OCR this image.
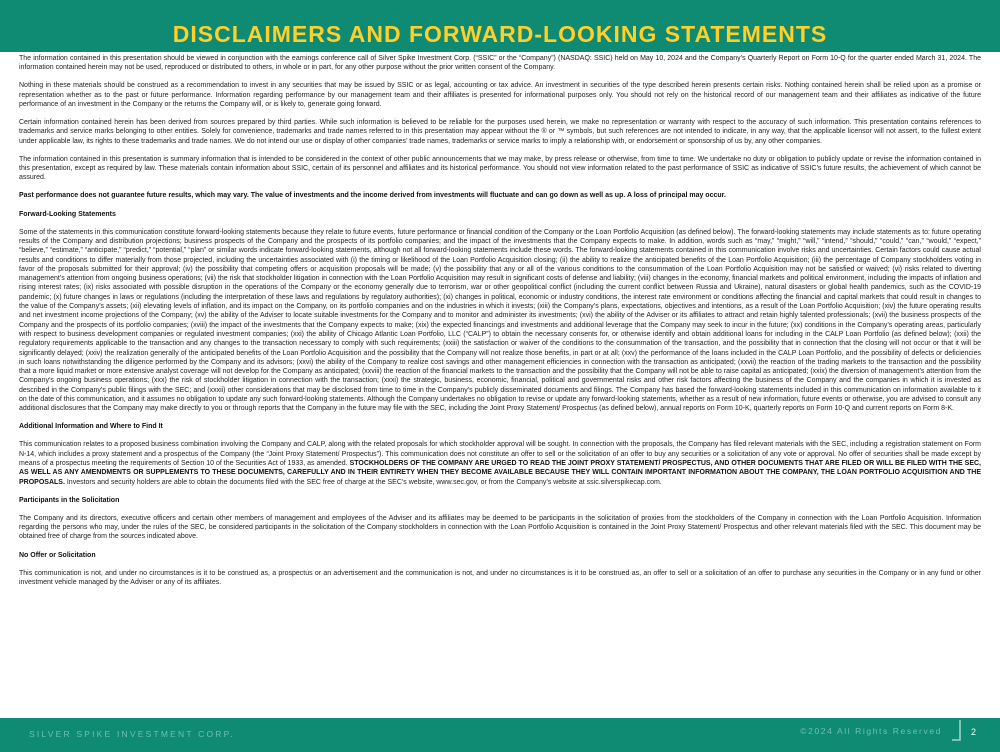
DISCLAIMERS AND FORWARD-LOOKING STATEMENTS

The information contained in this presentation should be viewed in conjunction with the earnings conference call of Silver Spike Investment Corp. (“SSIC” or the “Company”) (NASDAQ: SSIC) held on May 10, 2024 and the Company’s Quarterly Report on Form 10-Q for the quarter ended March 31, 2024. The information contained herein may not be used, reproduced or distributed to others, in whole or in part, for any other purpose without the prior written consent of the Company.

Nothing in these materials should be construed as a recommendation to invest in any securities that may be issued by SSIC or as legal, accounting or tax advice. An investment in securities of the type described herein presents certain risks. Nothing contained herein shall be relied upon as a promise or representation whether as to the past or future performance. Information regarding performance by our management team and their affiliates is presented for informational purposes only. You should not rely on the historical record of our management team and their affiliates as indicative of the future performance of an investment in the Company or the returns the Company will, or is likely to, generate going forward.

Certain information contained herein has been derived from sources prepared by third parties. While such information is believed to be reliable for the purposes used herein, we make no representation or warranty with respect to the accuracy of such information. This presentation contains references to trademarks and service marks belonging to other entities. Solely for convenience, trademarks and trade names referred to in this presentation may appear without the ® or ™ symbols, but such references are not intended to indicate, in any way, that the applicable licensor will not assert, to the fullest extent under applicable law, its rights to these trademarks and trade names. We do not intend our use or display of other companies’ trade names, trademarks or service marks to imply a relationship with, or endorsement or sponsorship of us by, any other companies.

The information contained in this presentation is summary information that is intended to be considered in the context of other public announcements that we may make, by press release or otherwise, from time to time. We undertake no duty or obligation to publicly update or revise the information contained in this presentation, except as required by law. These materials contain information about SSIC, certain of its personnel and affiliates and its historical performance. You should not view information related to the past performance of SSIC as indicative of SSIC’s future results, the achievement of which cannot be assured.

Past performance does not guarantee future results, which may vary. The value of investments and the income derived from investments will fluctuate and can go down as well as up. A loss of principal may occur.

Forward-Looking Statements

Some of the statements in this communication constitute forward-looking statements because they relate to future events, future performance or financial condition of the Company or the Loan Portfolio Acquisition (as defined below). The forward-looking statements may include statements as to: future operating results of the Company and distribution projections; business prospects of the Company and the prospects of its portfolio companies; and the impact of the investments that the Company expects to make. In addition, words such as “may,” “might,” “will,” “intend,” “should,” “could,” “can,” “would,” “expect,” “believe,” “estimate,” “anticipate,” “predict,” “potential,” “plan” or similar words indicate forward-looking statements, although not all forward-looking statements include these words. The forward-looking statements contained in this communication involve risks and uncertainties. Certain factors could cause actual results and conditions to differ materially from those projected, including the uncertainties associated with (i) the timing or likelihood of the Loan Portfolio Acquisition closing; (ii) the ability to realize the anticipated benefits of the Loan Portfolio Acquisition; (iii) the percentage of Company stockholders voting in favor of the proposals submitted for their approval; (iv) the possibility that competing offers or acquisition proposals will be made; (v) the possibility that any or all of the various conditions to the consummation of the Loan Portfolio Acquisition may not be satisfied or waived; (vi) risks related to diverting management’s attention from ongoing business operations; (vii) the risk that stockholder litigation in connection with the Loan Portfolio Acquisition may result in significant costs of defense and liability; (viii) changes in the economy, financial markets and political environment, including the impacts of inflation and rising interest rates; (ix) risks associated with possible disruption in the operations of the Company or the economy generally due to terrorism, war or other geopolitical conflict (including the current conflict between Russia and Ukraine), natural disasters or global health pandemics, such as the COVID-19 pandemic; (x) future changes in laws or regulations (including the interpretation of these laws and regulations by regulatory authorities); (xi) changes in political, economic or industry conditions, the interest rate environment or conditions affecting the financial and capital markets that could result in changes to the value of the Company’s assets; (xii) elevating levels of inflation, and its impact on the Company, on its portfolio companies and on the industries in which it invests; (xiii) the Company’s plans, expectations, objectives and intentions, as a result of the Loan Portfolio Acquisition; (xiv) the future operating results and net investment income projections of the Company; (xv) the ability of the Adviser to locate suitable investments for the Company and to monitor and administer its investments; (xvi) the ability of the Adviser or its affiliates to attract and retain highly talented professionals; (xvii) the business prospects of the Company and the prospects of its portfolio companies; (xviii) the impact of the investments that the Company expects to make; (xix) the expected financings and investments and additional leverage that the Company may seek to incur in the future; (xx) conditions in the Company’s operating areas, particularly with respect to business development companies or regulated investment companies; (xxi) the ability of Chicago Atlantic Loan Portfolio, LLC (“CALP”) to obtain the necessary consents for, or otherwise identify and obtain additional loans for including in the CALP Loan Portfolio (as defined below); (xxii) the regulatory requirements applicable to the transaction and any changes to the transaction necessary to comply with such requirements; (xxiii) the satisfaction or waiver of the conditions to the consummation of the transaction, and the possibility that in connection that the closing will not occur or that it will be significantly delayed; (xxiv) the realization generally of the anticipated benefits of the Loan Portfolio Acquisition and the possibility that the Company will not realize those benefits, in part or at all; (xxv) the performance of the loans included in the CALP Loan Portfolio, and the possibility of defects or deficiencies in such loans notwithstanding the diligence performed by the Company and its advisors; (xxvi) the ability of the Company to realize cost savings and other management efficiencies in connection with the transaction as anticipated; (xxvii) the reaction of the trading markets to the transaction and the possibility that a more liquid market or more extensive analyst coverage will not develop for the Company as anticipated; (xxviii) the reaction of the financial markets to the transaction and the possibility that the Company will not be able to raise capital as anticipated; (xxix) the diversion of management’s attention from the Company’s ongoing business operations; (xxx) the risk of stockholder litigation in connection with the transaction; (xxxi) the strategic, business, economic, financial, political and governmental risks and other risk factors affecting the business of the Company and the companies in which it is invested as described in the Company’s public filings with the SEC; and (xxxii) other considerations that may be disclosed from time to time in the Company’s publicly disseminated documents and filings. The Company has based the forward-looking statements included in this communication on information available to it on the date of this communication, and it assumes no obligation to update any such forward-looking statements. Although the Company undertakes no obligation to revise or update any forward-looking statements, whether as a result of new information, future events or otherwise, you are advised to consult any additional disclosures that the Company may make directly to you or through reports that the Company in the future may file with the SEC, including the Joint Proxy Statement/ Prospectus (as defined below), annual reports on Form 10-K, quarterly reports on Form 10-Q and current reports on Form 8-K.

Additional Information and Where to Find It

This communication relates to a proposed business combination involving the Company and CALP, along with the related proposals for which stockholder approval will be sought. In connection with the proposals, the Company has filed relevant materials with the SEC, including a registration statement on Form N-14, which includes a proxy statement and a prospectus of the Company (the “Joint Proxy Statement/ Prospectus”). This communication does not constitute an offer to sell or the solicitation of an offer to buy any securities or a solicitation of any vote or approval. No offer of securities shall be made except by means of a prospectus meeting the requirements of Section 10 of the Securities Act of 1933, as amended. STOCKHOLDERS OF THE COMPANY ARE URGED TO READ THE JOINT PROXY STATEMENT/ PROSPECTUS, AND OTHER DOCUMENTS THAT ARE FILED OR WILL BE FILED WITH THE SEC, AS WELL AS ANY AMENDMENTS OR SUPPLEMENTS TO THESE DOCUMENTS, CAREFULLY AND IN THEIR ENTIRETY WHEN THEY BECOME AVAILABLE BECAUSE THEY WILL CONTAIN IMPORTANT INFORMATION ABOUT THE COMPANY, THE LOAN PORTFOLIO ACQUISITION AND THE PROPOSALS. Investors and security holders are able to obtain the documents filed with the SEC free of charge at the SEC’s website, www.sec.gov, or from the Company’s website at ssic.silverspikecap.com.

Participants in the Solicitation

The Company and its directors, executive officers and certain other members of management and employees of the Adviser and its affiliates may be deemed to be participants in the solicitation of proxies from the stockholders of the Company in connection with the Loan Portfolio Acquisition. Information regarding the persons who may, under the rules of the SEC, be considered participants in the solicitation of the Company stockholders in connection with the Loan Portfolio Acquisition is contained in the Joint Proxy Statement/ Prospectus and other relevant materials filed with the SEC. This document may be obtained free of charge from the sources indicated above.

No Offer or Solicitation

This communication is not, and under no circumstances is it to be construed as, a prospectus or an advertisement and the communication is not, and under no circumstances is it to be construed as, an offer to sell or a solicitation of an offer to purchase any securities in the Company or in any fund or other investment vehicle managed by the Adviser or any of its affiliates.

SILVER SPIKE INVESTMENT CORP.	©2024 All Rights Reserved	2
